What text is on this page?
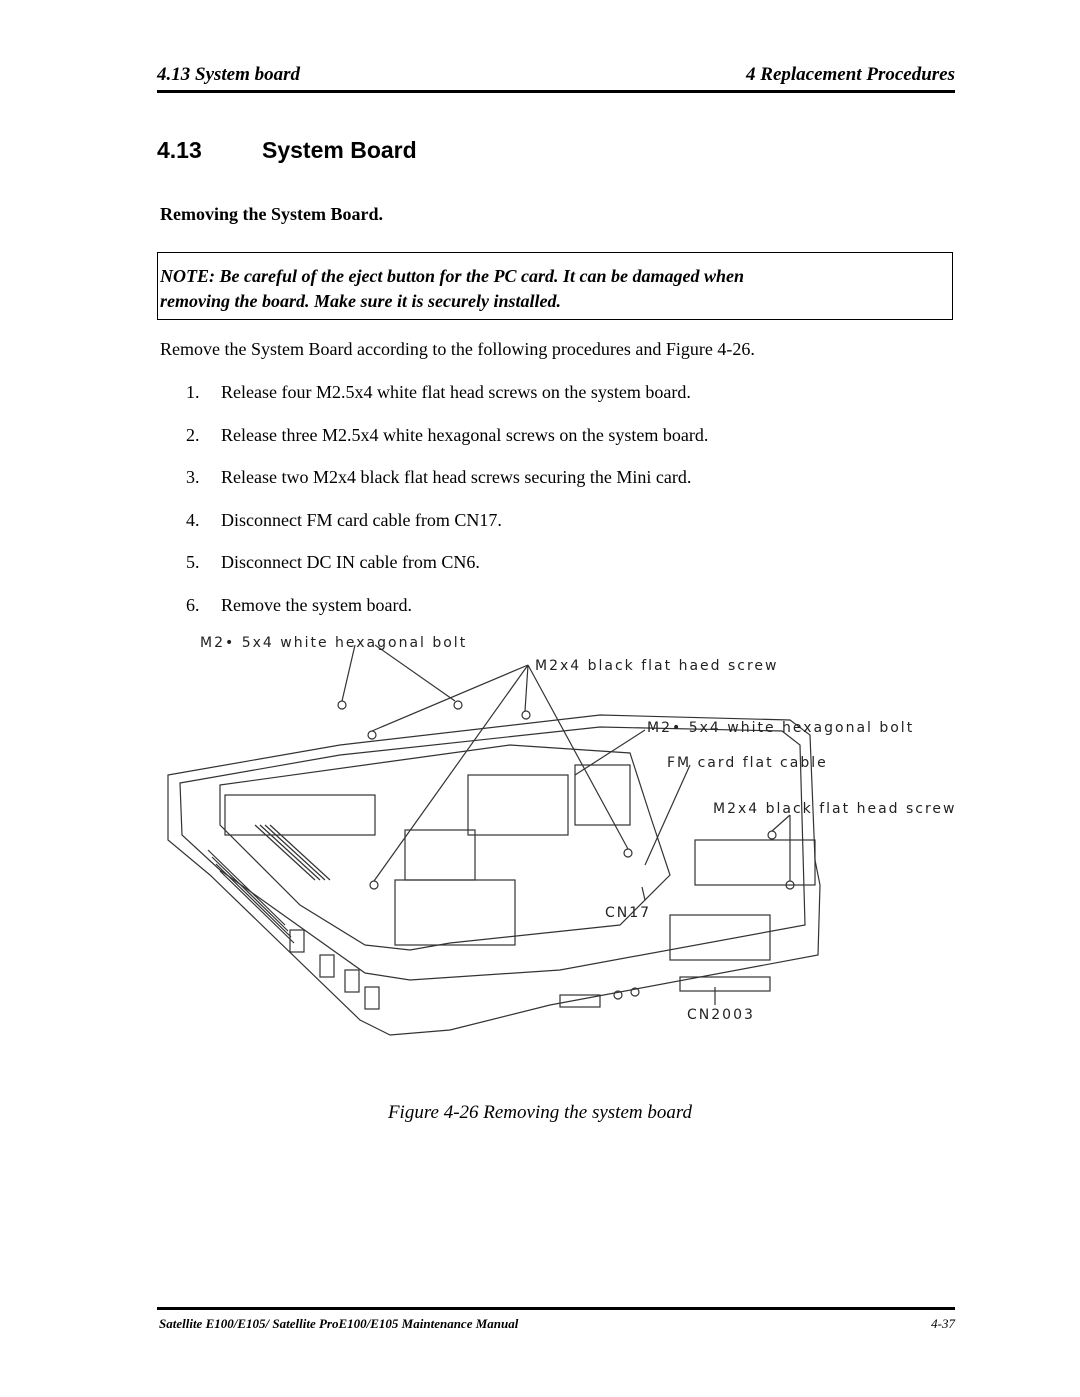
4.13 System board	4 Replacement Procedures
4.13	System Board
Removing the System Board.
NOTE: Be careful of the eject button for the PC card. It can be damaged when
removing the board. Make sure it is securely installed.
Remove the System Board according to the following procedures and Figure 4-26.
1.	Release four M2.5x4 white flat head screws on the system board.
2.	Release three M2.5x4 white hexagonal screws on the system board.
3.	Release two M2x4 black flat head screws securing the Mini card.
4.	Disconnect FM card cable from CN17.
5.	Disconnect DC IN cable from CN6.
6.	Remove the system board.
M2• 5x4 white hexagonal bolt
M2x4 black flat haed screw
M2• 5x4 white hexagonal bolt
FM card flat cable
M2x4 black flat head screw
CN17
CN2003
Figure 4-26 Removing the system board
Satellite E100/E105/ Satellite ProE100/E105 Maintenance Manual	4-37
